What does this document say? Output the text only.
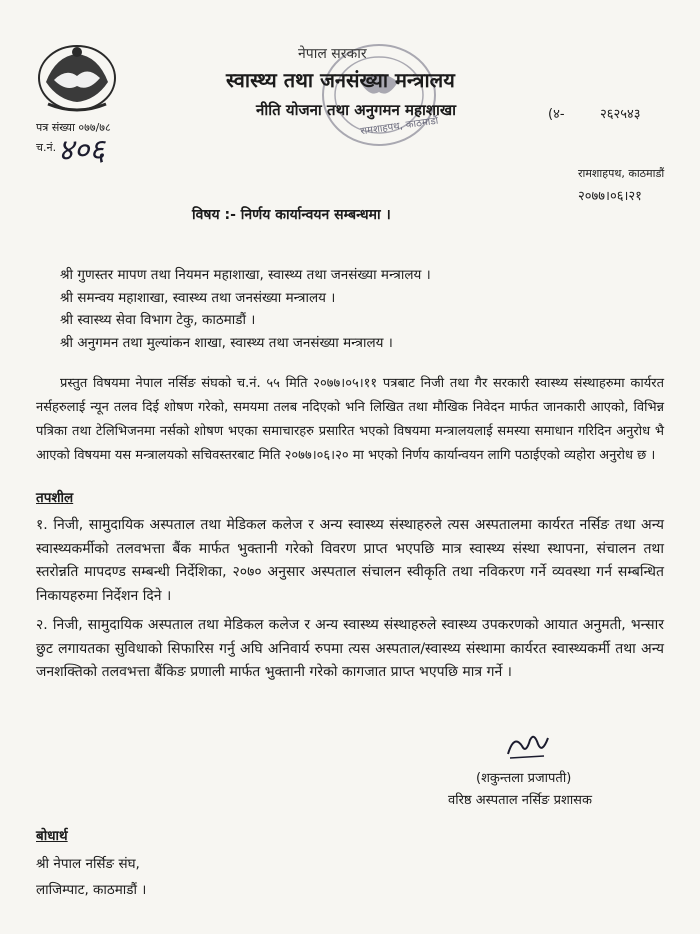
नेपाल सरकार
स्वास्थ्य तथा जनसंख्या मन्त्रालय
नीति योजना तथा अनुगमन महाशाखा
रामशाहपथ, काठमाडौं
(४-	२६२५४३
पत्र संख्या ०७७/७८
च.नं. ४०६
रामशाहपथ, काठमाडौं
२०७७।०६।२१
विषय :- निर्णय कार्यान्वयन सम्बन्धमा ।
श्री गुणस्तर मापण तथा नियमन महाशाखा, स्वास्थ्य तथा जनसंख्या मन्त्रालय ।
श्री समन्वय महाशाखा, स्वास्थ्य तथा जनसंख्या मन्त्रालय ।
श्री स्वास्थ्य सेवा विभाग टेकु, काठमाडौं ।
श्री अनुगमन तथा मुल्यांकन शाखा, स्वास्थ्य तथा जनसंख्या मन्त्रालय ।
प्रस्तुत विषयमा नेपाल नर्सिङ संघको च.नं. ५५ मिति २०७७।०५।११ पत्रबाट निजी तथा गैर सरकारी स्वास्थ्य संस्थाहरुमा कार्यरत नर्सहरुलाई न्यून तलव दिई शोषण गरेको, समयमा तलब नदिएको भनि लिखित तथा मौखिक निवेदन मार्फत जानकारी आएको, विभिन्न पत्रिका तथा टेलिभिजनमा नर्सको शोषण भएका समाचारहरु प्रसारित भएको विषयमा मन्त्रालयलाई समस्या समाधान गरिदिन अनुरोध भै आएको विषयमा यस मन्त्रालयको सचिवस्तरबाट मिति २०७७।०६।२० मा भएको निर्णय कार्यान्वयन लागि पठाईएको व्यहोरा अनुरोध छ ।
तपशील
१. निजी, सामुदायिक अस्पताल तथा मेडिकल कलेज र अन्य स्वास्थ्य संस्थाहरुले त्यस अस्पतालमा कार्यरत नर्सिङ तथा अन्य स्वास्थ्यकर्मीको तलवभत्ता बैंक मार्फत भुक्तानी गरेको विवरण प्राप्त भएपछि मात्र स्वास्थ्य संस्था स्थापना, संचालन तथा स्तरोन्नति मापदण्ड सम्बन्धी निर्देशिका, २०७० अनुसार अस्पताल संचालन स्वीकृति तथा नविकरण गर्ने व्यवस्था गर्न सम्बन्धित निकायहरुमा निर्देशन दिने ।
२. निजी, सामुदायिक अस्पताल तथा मेडिकल कलेज र अन्य स्वास्थ्य संस्थाहरुले स्वास्थ्य उपकरणको आयात अनुमती, भन्सार छुट लगायतका सुविधाको सिफारिस गर्नु अघि अनिवार्य रुपमा त्यस अस्पताल/स्वास्थ्य संस्थामा कार्यरत स्वास्थ्यकर्मी तथा अन्य जनशक्तिको तलवभत्ता बैंकिङ प्रणाली मार्फत भुक्तानी गरेको कागजात प्राप्त भएपछि मात्र गर्ने ।
(शकुन्तला प्रजापती)
वरिष्ठ अस्पताल नर्सिङ प्रशासक
बोधार्थ
श्री नेपाल नर्सिङ संघ,
लाजिम्पाट, काठमाडौं ।
